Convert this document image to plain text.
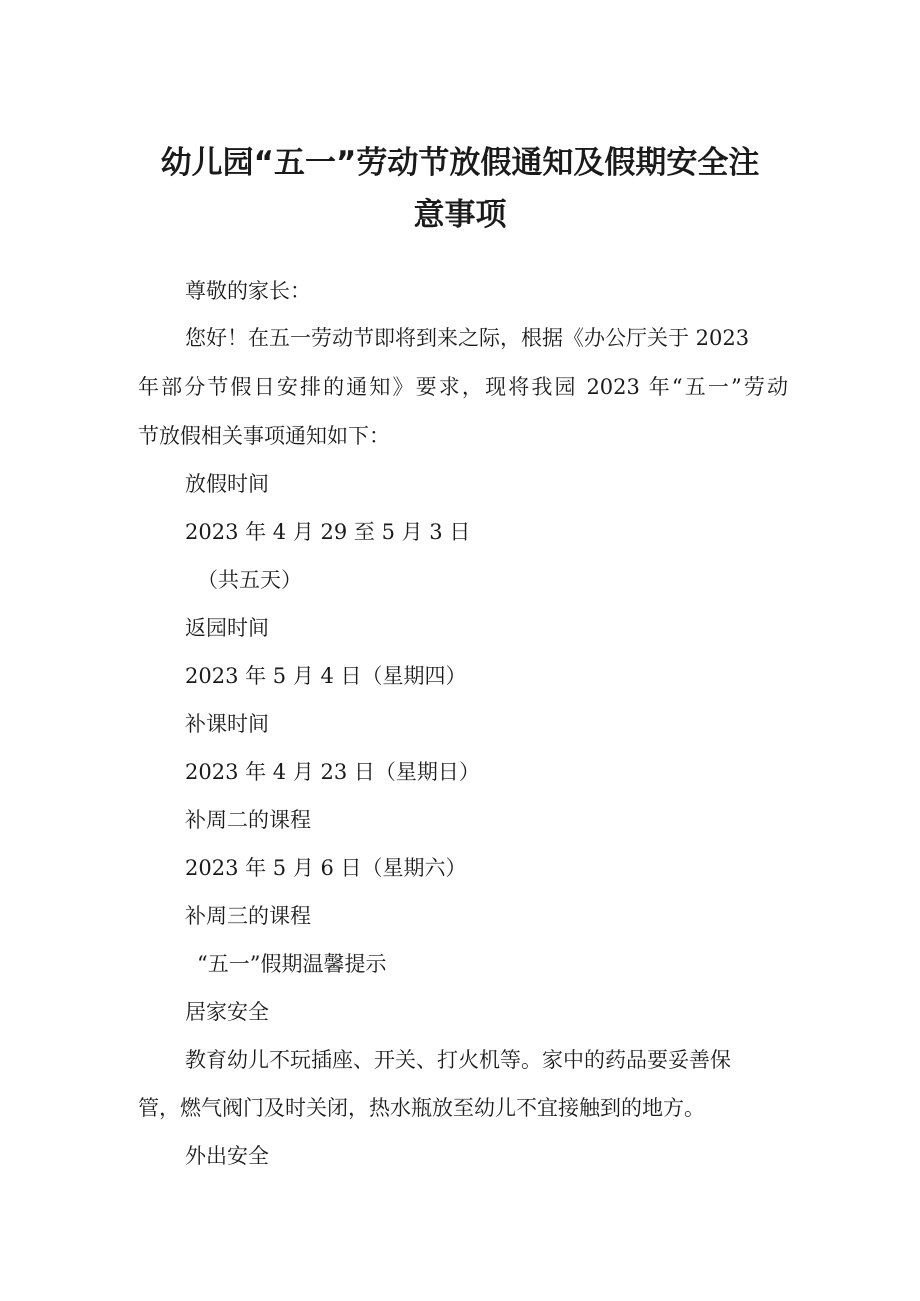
幼儿园“五一”劳动节放假通知及假期安全注
意事项

尊敬的家长：

您好！在五一劳动节即将到来之际，根据《办公厅关于 2023

年部分节假日安排的通知》要求，现将我园 2023 年“五一”劳动

节放假相关事项通知如下：

放假时间

2023 年 4 月 29 至 5 月 3 日

（共五天）

返园时间

2023 年 5 月 4 日（星期四）

补课时间

2023 年 4 月 23 日（星期日）

补周二的课程

2023 年 5 月 6 日（星期六）

补周三的课程

“五一”假期温馨提示

居家安全

教育幼儿不玩插座、开关、打火机等。家中的药品要妥善保

管，燃气阀门及时关闭，热水瓶放至幼儿不宜接触到的地方。

外出安全
